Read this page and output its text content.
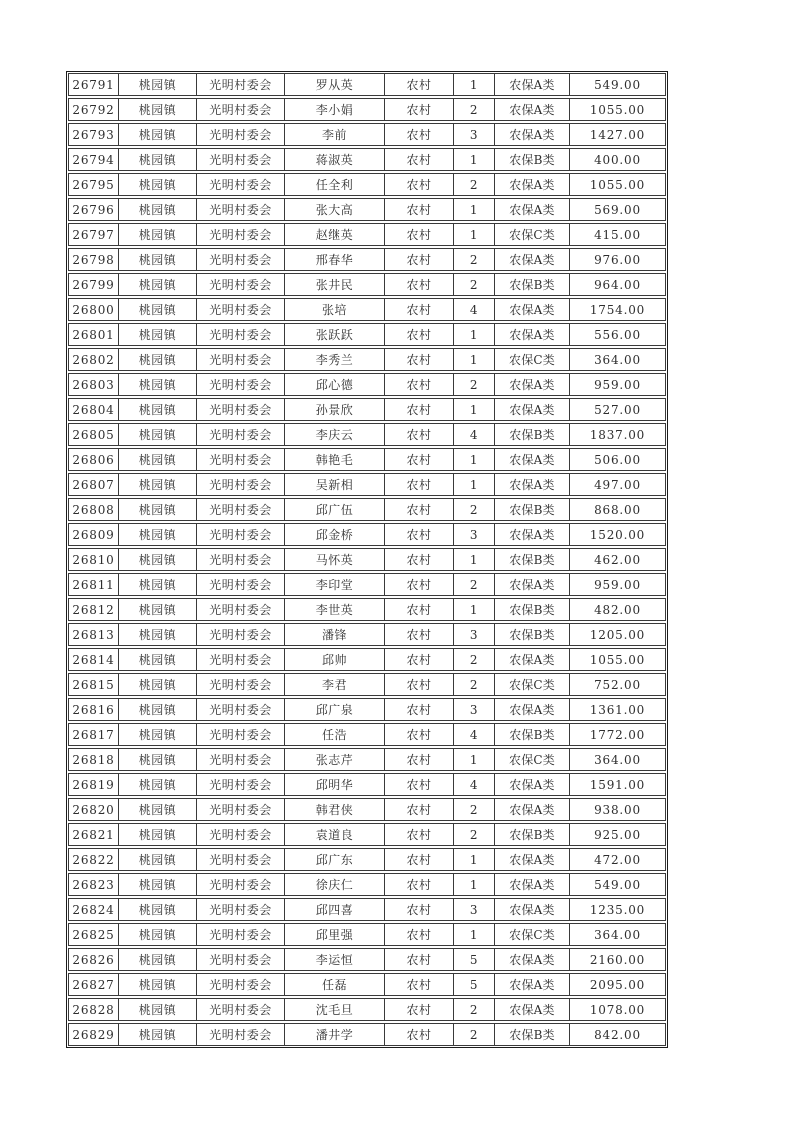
26791	桃园镇	光明村委会	罗从英	农村	1	农保A类	549.00
26792	桃园镇	光明村委会	李小娟	农村	2	农保A类	1055.00
26793	桃园镇	光明村委会	李前	农村	3	农保A类	1427.00
26794	桃园镇	光明村委会	蒋淑英	农村	1	农保B类	400.00
26795	桃园镇	光明村委会	任全利	农村	2	农保A类	1055.00
26796	桃园镇	光明村委会	张大高	农村	1	农保A类	569.00
26797	桃园镇	光明村委会	赵继英	农村	1	农保C类	415.00
26798	桃园镇	光明村委会	邢春华	农村	2	农保A类	976.00
26799	桃园镇	光明村委会	张井民	农村	2	农保B类	964.00
26800	桃园镇	光明村委会	张培	农村	4	农保A类	1754.00
26801	桃园镇	光明村委会	张跃跃	农村	1	农保A类	556.00
26802	桃园镇	光明村委会	李秀兰	农村	1	农保C类	364.00
26803	桃园镇	光明村委会	邱心德	农村	2	农保A类	959.00
26804	桃园镇	光明村委会	孙景欣	农村	1	农保A类	527.00
26805	桃园镇	光明村委会	李庆云	农村	4	农保B类	1837.00
26806	桃园镇	光明村委会	韩艳毛	农村	1	农保A类	506.00
26807	桃园镇	光明村委会	吴新相	农村	1	农保A类	497.00
26808	桃园镇	光明村委会	邱广伍	农村	2	农保B类	868.00
26809	桃园镇	光明村委会	邱金桥	农村	3	农保A类	1520.00
26810	桃园镇	光明村委会	马怀英	农村	1	农保B类	462.00
26811	桃园镇	光明村委会	李印堂	农村	2	农保A类	959.00
26812	桃园镇	光明村委会	李世英	农村	1	农保B类	482.00
26813	桃园镇	光明村委会	潘锋	农村	3	农保B类	1205.00
26814	桃园镇	光明村委会	邱帅	农村	2	农保A类	1055.00
26815	桃园镇	光明村委会	李君	农村	2	农保C类	752.00
26816	桃园镇	光明村委会	邱广泉	农村	3	农保A类	1361.00
26817	桃园镇	光明村委会	任浩	农村	4	农保B类	1772.00
26818	桃园镇	光明村委会	张志芹	农村	1	农保C类	364.00
26819	桃园镇	光明村委会	邱明华	农村	4	农保A类	1591.00
26820	桃园镇	光明村委会	韩君侠	农村	2	农保A类	938.00
26821	桃园镇	光明村委会	袁道良	农村	2	农保B类	925.00
26822	桃园镇	光明村委会	邱广东	农村	1	农保A类	472.00
26823	桃园镇	光明村委会	徐庆仁	农村	1	农保A类	549.00
26824	桃园镇	光明村委会	邱四喜	农村	3	农保A类	1235.00
26825	桃园镇	光明村委会	邱里强	农村	1	农保C类	364.00
26826	桃园镇	光明村委会	李运恒	农村	5	农保A类	2160.00
26827	桃园镇	光明村委会	任磊	农村	5	农保A类	2095.00
26828	桃园镇	光明村委会	沈毛旦	农村	2	农保A类	1078.00
26829	桃园镇	光明村委会	潘井学	农村	2	农保B类	842.00
